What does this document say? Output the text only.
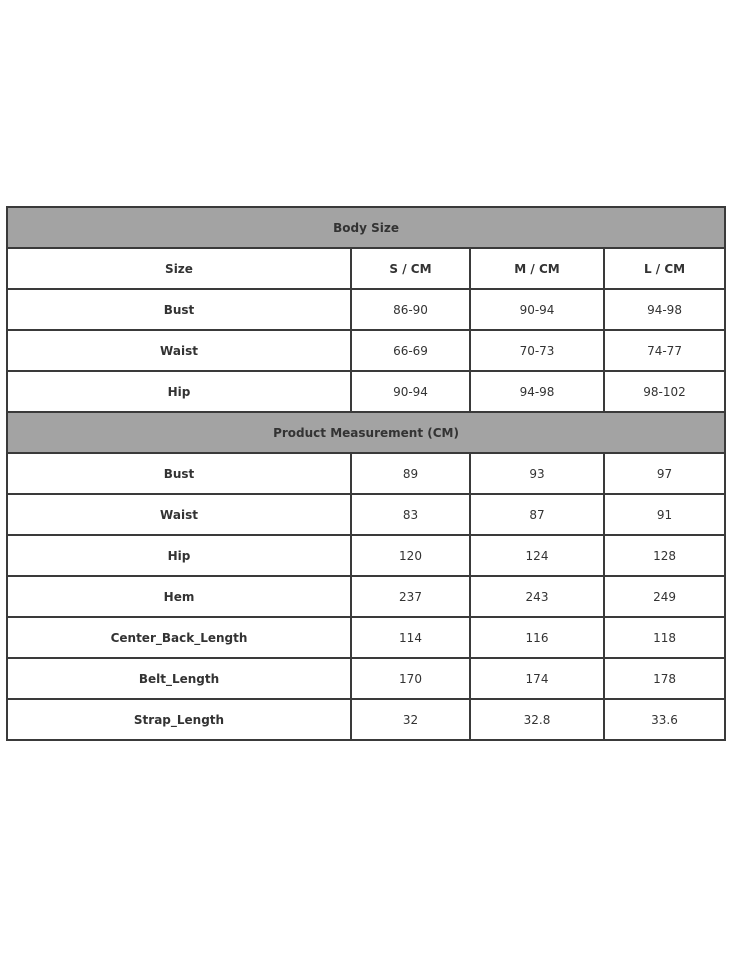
Body Size			
Size	S / CM	M / CM	L / CM
Bust	86-90	90-94	94-98
Waist	66-69	70-73	74-77
Hip	90-94	94-98	98-102
Product Measurement (CM)			
Bust	89	93	97
Waist	83	87	91
Hip	120	124	128
Hem	237	243	249
Center_Back_Length	114	116	118
Belt_Length	170	174	178
Strap_Length	32	32.8	33.6
